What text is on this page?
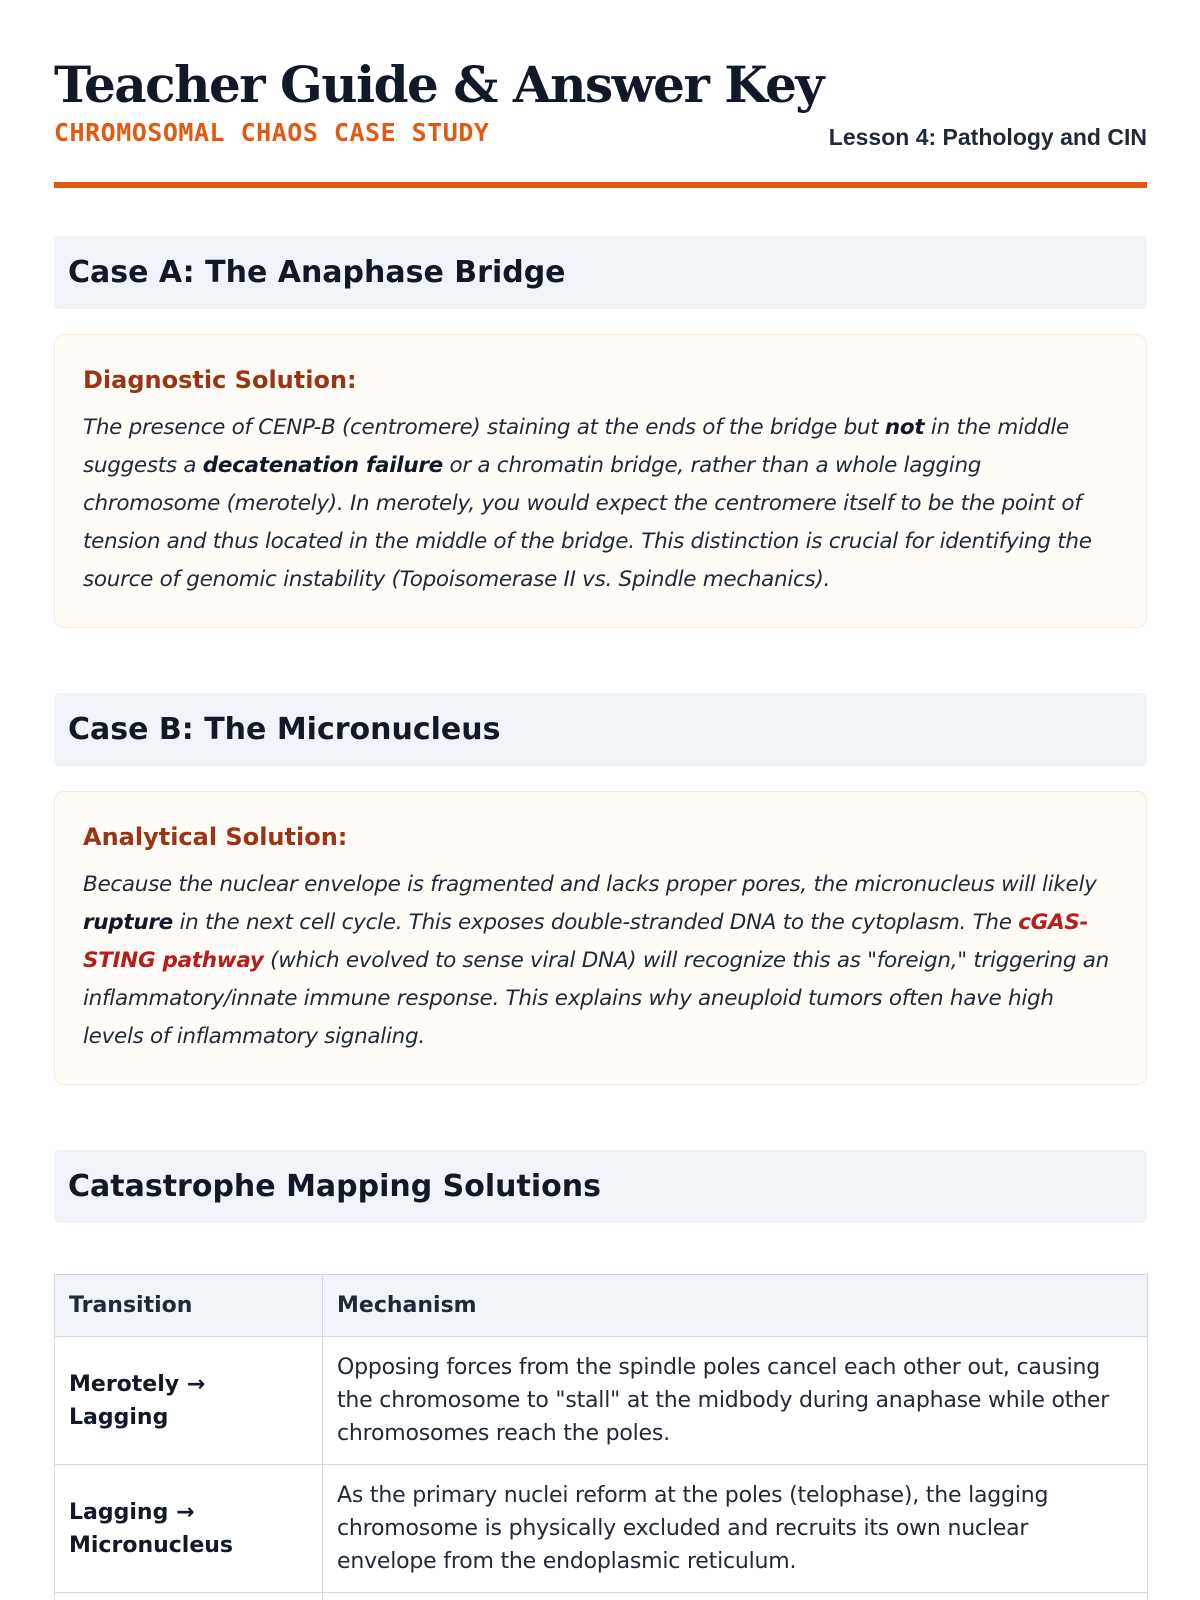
Teacher Guide & Answer Key

CHROMOSOMAL CHAOS CASE STUDY	Lesson 4: Pathology and CIN

Case A: The Anaphase Bridge

Diagnostic Solution:

The presence of CENP-B (centromere) staining at the ends of the bridge but not in the middle suggests a decatenation failure or a chromatin bridge, rather than a whole lagging chromosome (merotely). In merotely, you would expect the centromere itself to be the point of tension and thus located in the middle of the bridge. This distinction is crucial for identifying the source of genomic instability (Topoisomerase II vs. Spindle mechanics).

Case B: The Micronucleus

Analytical Solution:

Because the nuclear envelope is fragmented and lacks proper pores, the micronucleus will likely rupture in the next cell cycle. This exposes double-stranded DNA to the cytoplasm. The cGAS-STING pathway (which evolved to sense viral DNA) will recognize this as "foreign," triggering an inflammatory/innate immune response. This explains why aneuploid tumors often have high levels of inflammatory signaling.

Catastrophe Mapping Solutions
Transition	Mechanism
Merotely → Lagging	Opposing forces from the spindle poles cancel each other out, causing the chromosome to "stall" at the midbody during anaphase while other chromosomes reach the poles.
Lagging → Micronucleus	As the primary nuclei reform at the poles (telophase), the lagging chromosome is physically excluded and recruits its own nuclear envelope from the endoplasmic reticulum.
